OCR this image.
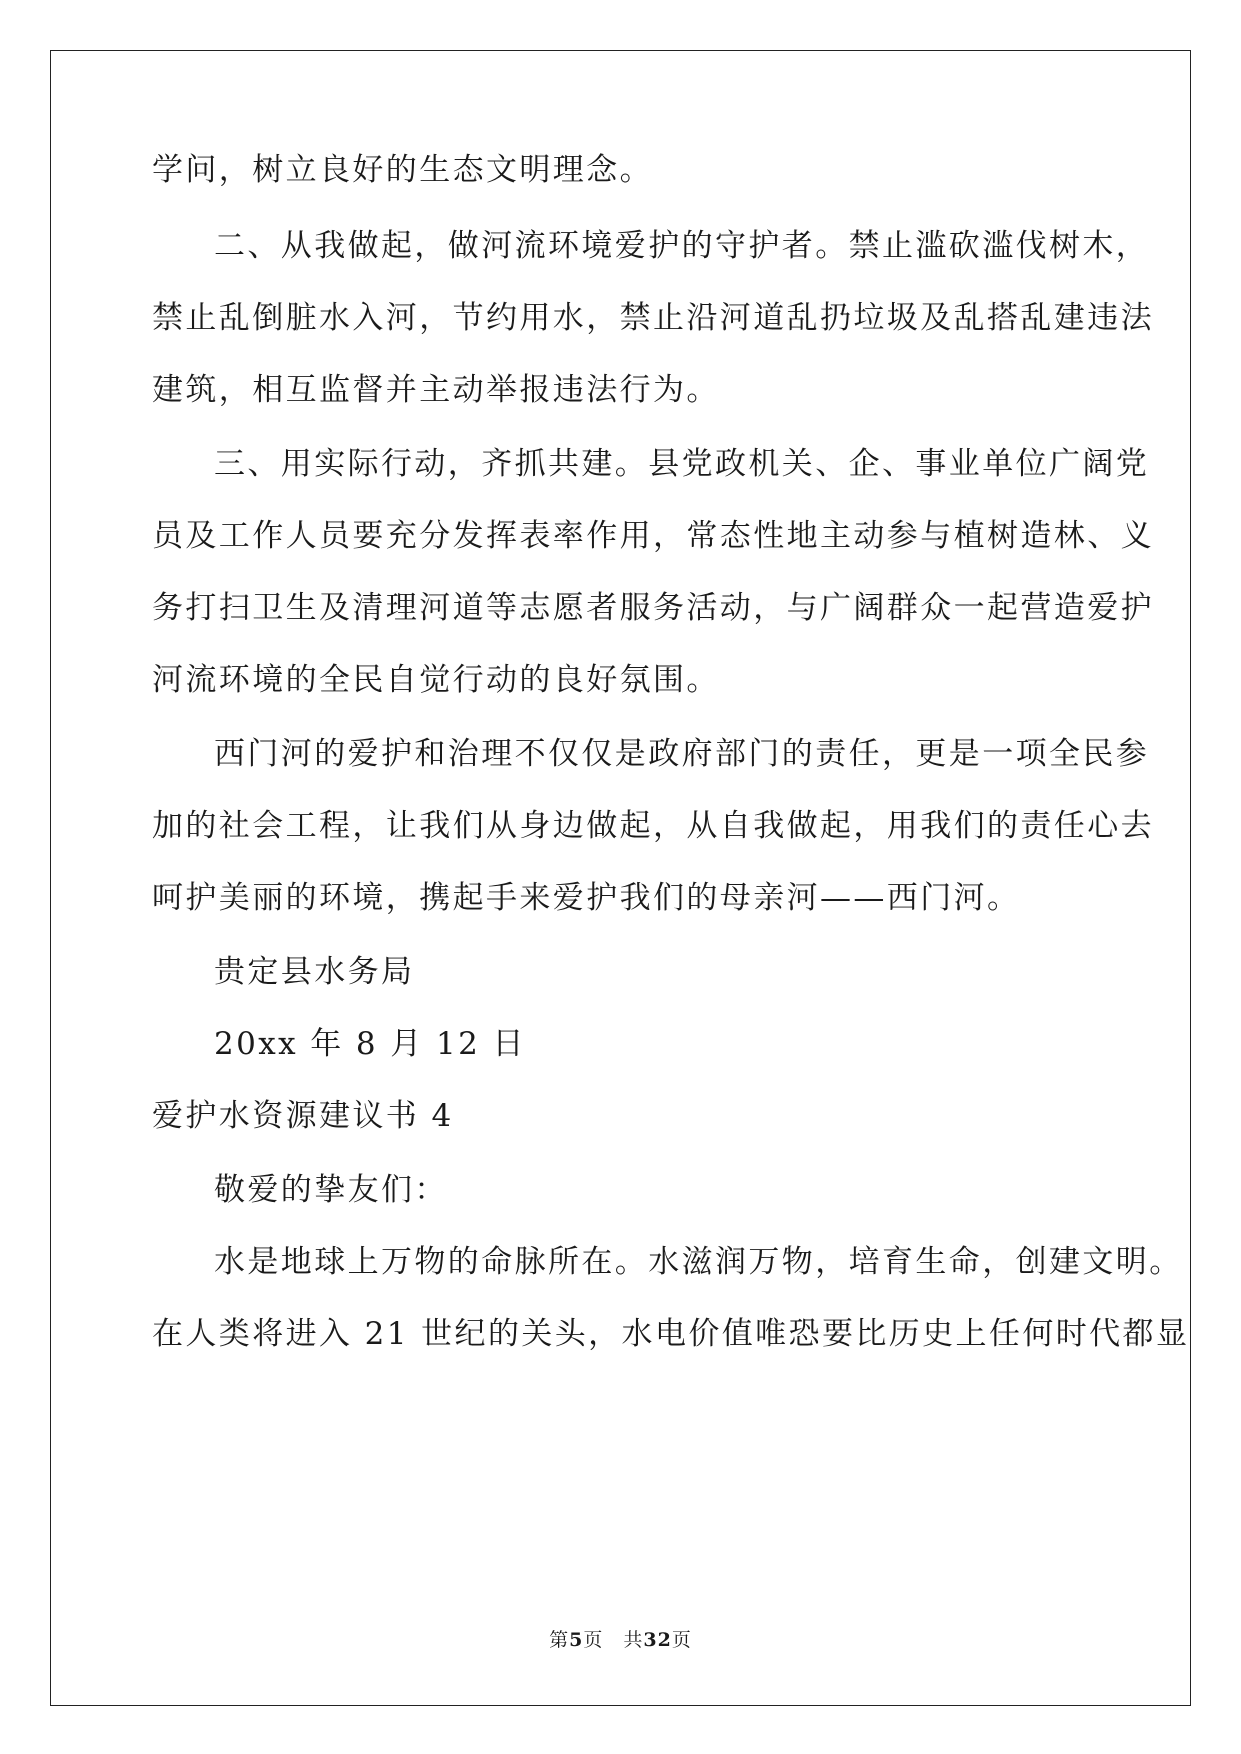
学问，树立良好的生态文明理念。
二、从我做起，做河流环境爱护的守护者。禁止滥砍滥伐树木，
禁止乱倒脏水入河，节约用水，禁止沿河道乱扔垃圾及乱搭乱建违法
建筑，相互监督并主动举报违法行为。
三、用实际行动，齐抓共建。县党政机关、企、事业单位广阔党
员及工作人员要充分发挥表率作用，常态性地主动参与植树造林、义
务打扫卫生及清理河道等志愿者服务活动，与广阔群众一起营造爱护
河流环境的全民自觉行动的良好氛围。
西门河的爱护和治理不仅仅是政府部门的责任，更是一项全民参
加的社会工程，让我们从身边做起，从自我做起，用我们的责任心去
呵护美丽的环境，携起手来爱护我们的母亲河——西门河。
贵定县水务局
20xx 年 8 月 12 日
爱护水资源建议书 4
敬爱的挚友们：
水是地球上万物的命脉所在。水滋润万物，培育生命，创建文明。
在人类将进入 21 世纪的关头，水电价值唯恐要比历史上任何时代都显
第5页　共32页
